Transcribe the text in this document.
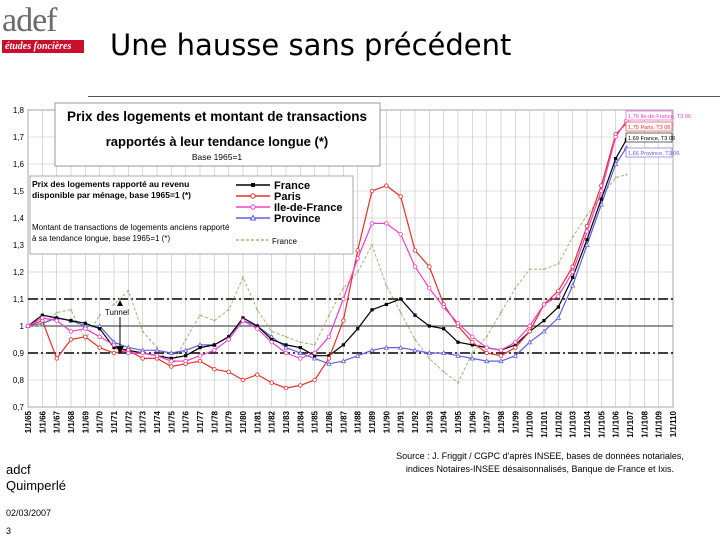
adef
études foncières
adcf
Quimperlé
02/03/2007
3
Une hausse sans précédent
1/1/65 1/1/66 1/1/67 1/1/68 1/1/69 1/1/70 1/1/71 1/1/72 1/1/73 1/1/74 1/1/75 1/1/76 1/1/77 1/1/78 1/1/79 1/1/80 1/1/81 1/1/82 1/1/83 1/1/84 1/1/85 1/1/86 1/1/87 1/1/88 1/1/89 1/1/90 1/1/91 1/1/92 1/1/93 1/1/94 1/1/95 1/1/96 1/1/97 1/1/98 1/1/99 1/1/100 1/1/101 1/1/102 1/1/103 1/1/104 1/1/105 1/1/106 1/1/107 1/1/108 1/1/109 1/1/110
0,7
0,8
0,9
1
1,1
1,2
1,3
1,4
1,5
1,6
1,7
1,8	Prix des logements et montant de transactions
rapportés à leur tendance longue (*)
Base 1965=1
Prix des logements rapporté au revenu disponible par ménage, base 1965=1 (*)
Montant de transactions de logements anciens rapporté à sa tendance longue, base 1965=1 (*)
France
Paris
Ile-de-France
Province
France
Tunnel
1,76 Ile-de-France, T3 06
1,75 Paris, T3 06
1,69 France, T3 06
1,66 Province, T3 06
Source : J. Friggit / CGPC d'après INSEE, bases de données notariales,
indices Notaires-INSEE désaisonnalisés, Banque de France et Ixis.
